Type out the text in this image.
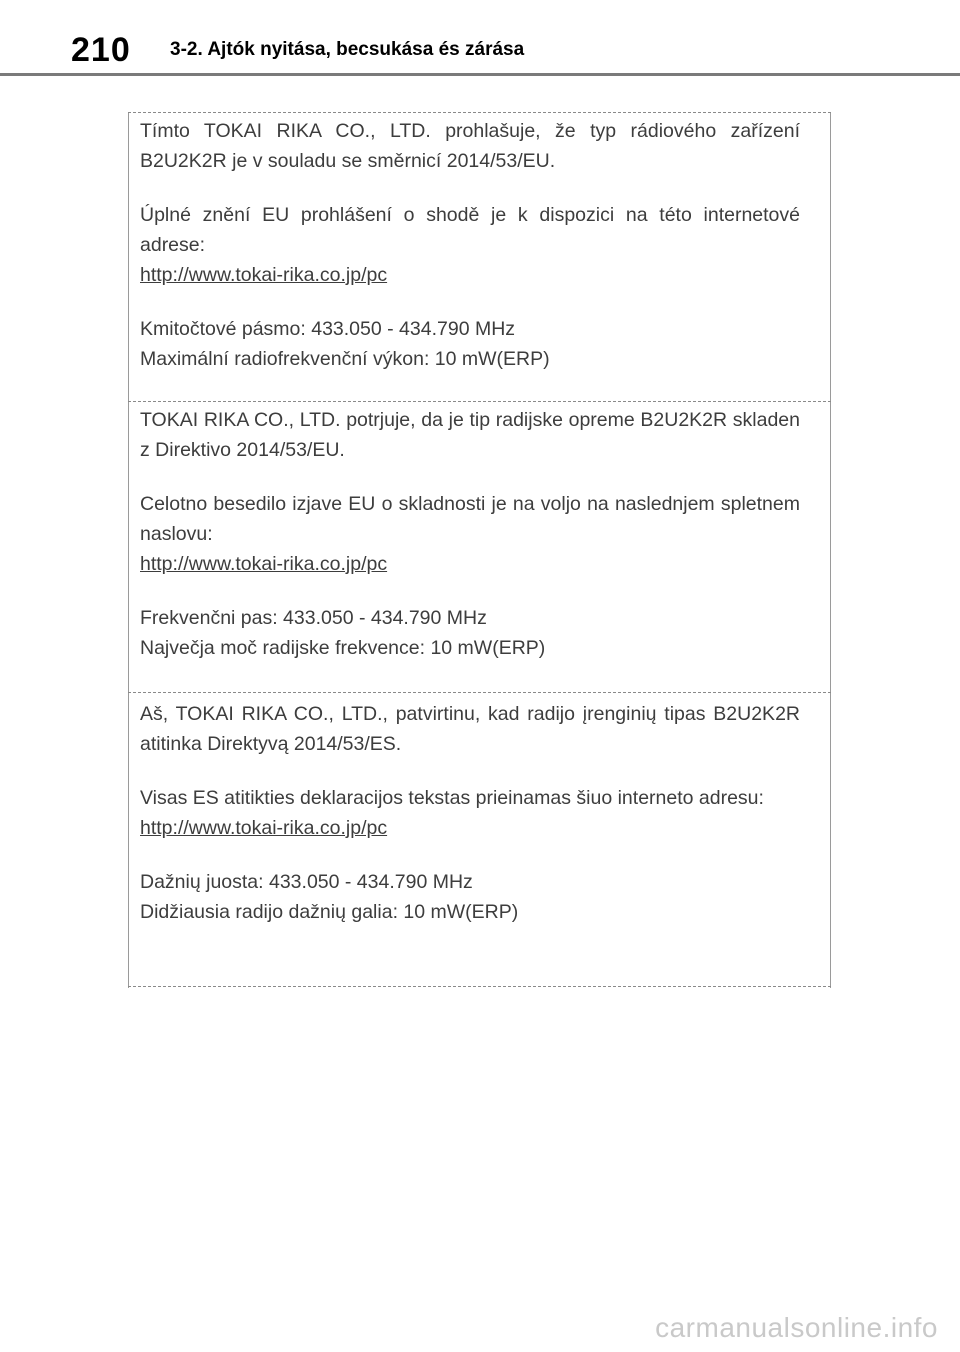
210 3-2. Ajtók nyitása, becsukása és zárása

Tímto TOKAI RIKA CO., LTD. prohlašuje, že typ rádiového zařízení B2U2K2R je v souladu se směrnicí 2014/53/EU.

Úplné znění EU prohlášení o shodě je k dispozici na této internetové adrese:

http://www.tokai-rika.co.jp/pc

Kmitočtové pásmo: 433.050 - 434.790 MHz

Maximální radiofrekvenční výkon: 10 mW(ERP)

TOKAI RIKA CO., LTD. potrjuje, da je tip radijske opreme B2U2K2R skladen z Direktivo 2014/53/EU.

Celotno besedilo izjave EU o skladnosti je na voljo na naslednjem spletnem naslovu:

http://www.tokai-rika.co.jp/pc

Frekvenčni pas: 433.050 - 434.790 MHz

Največja moč radijske frekvence: 10 mW(ERP)

Aš, TOKAI RIKA CO., LTD., patvirtinu, kad radijo įrenginių tipas B2U2K2R atitinka Direktyvą 2014/53/ES.

Visas ES atitikties deklaracijos tekstas prieinamas šiuo interneto adresu:

http://www.tokai-rika.co.jp/pc

Dažnių juosta: 433.050 - 434.790 MHz

Didžiausia radijo dažnių galia: 10 mW(ERP)

carmanualsonline.info
